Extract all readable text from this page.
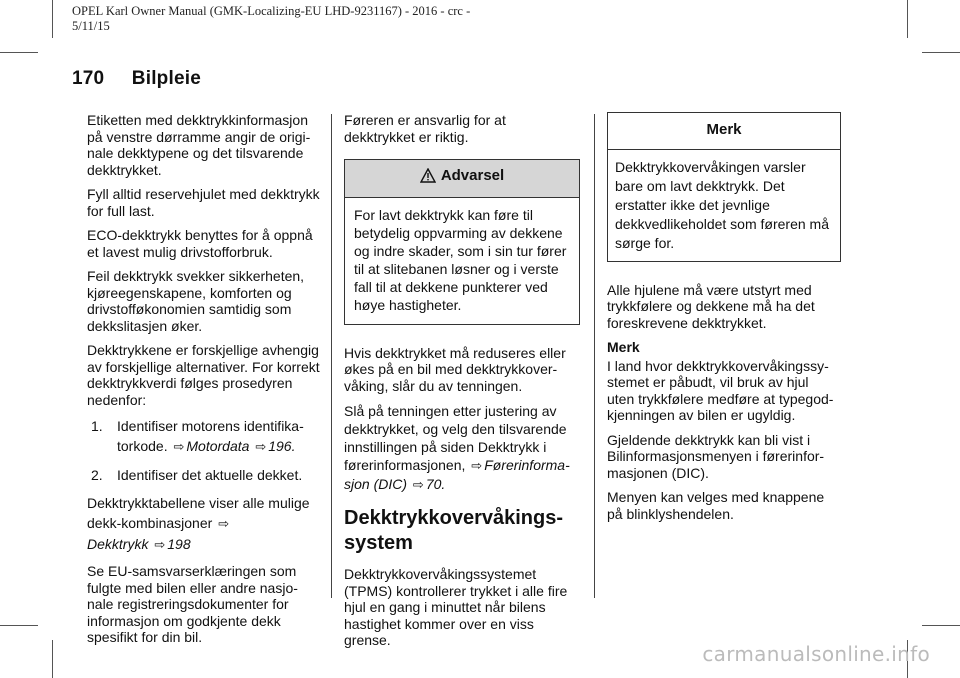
OPEL Karl Owner Manual (GMK-Localizing-EU LHD-9231167) - 2016 - crc -
5/11/15
170 Bilpleie

Etiketten med dekktrykkinformasjon på venstre dørramme angir de origi-nale dekktypene og det tilsvarende dekktrykket.

Fyll alltid reservehjulet med dekktrykk for full last.

ECO-dekktrykk benyttes for å oppnå et lavest mulig drivstofforbruk.

Feil dekktrykk svekker sikkerheten, kjøreegenskapene, komforten og drivstofføkonomien samtidig som dekkslitasjen øker.

Dekktrykkene er forskjellige avhengig av forskjellige alternativer. For korrekt dekktrykkverdi følges prosedyren nedenfor:

1. Identifiser motorens identifika-torkode. ⇨ Motordata ⇨ 196.
2. Identifiser det aktuelle dekket.

Dekktrykktabellene viser alle mulige dekk-kombinasjoner ⇨
Dekktrykk ⇨ 198

Se EU-samsvarserklæringen som fulgte med bilen eller andre nasjo-nale registreringsdokumenter for informasjon om godkjente dekk spesifikt for din bil.

Føreren er ansvarlig for at dekktrykket er riktig.

Advarsel
For lavt dekktrykk kan føre til betydelig oppvarming av dekkene og indre skader, som i sin tur fører til at slitebanen løsner og i verste fall til at dekkene punkterer ved høye hastigheter.

Hvis dekktrykket må reduseres eller økes på en bil med dekktrykkover-våking, slår du av tenningen.

Slå på tenningen etter justering av dekktrykket, og velg den tilsvarende innstillingen på siden Dekktrykk i førerinformasjonen, ⇨ Førerinforma-sjon (DIC) ⇨ 70.

Dekktrykkovervåkings-system

Dekktrykkovervåkingssystemet (TPMS) kontrollerer trykket i alle fire hjul en gang i minuttet når bilens hastighet kommer over en viss grense.

Merk
Dekktrykkovervåkingen varsler bare om lavt dekktrykk. Det erstatter ikke det jevnlige dekkvedlikeholdet som føreren må sørge for.

Alle hjulene må være utstyrt med trykkfølere og dekkene må ha det foreskrevene dekktrykket.

Merk

I land hvor dekktrykkovervåkingssy-stemet er påbudt, vil bruk av hjul uten trykkfølere medføre at typegod-kjenningen av bilen er ugyldig.

Gjeldende dekktrykk kan bli vist i Bilinformasjonsmenyen i førerinfor-masjonen (DIC).

Menyen kan velges med knappene på blinklyshendelen.

carmanualsonline.info
